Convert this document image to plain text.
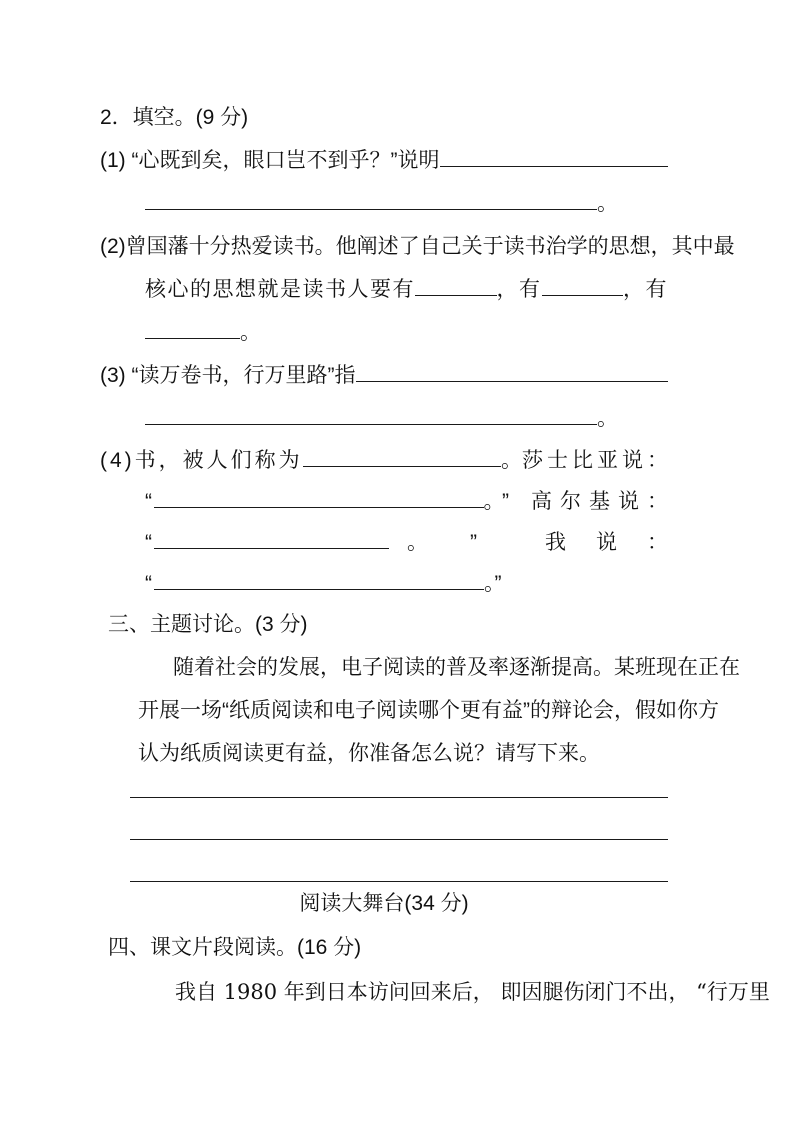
2．填空。(9 分)
(1) “心既到矣，眼口岂不到乎？”说明
。
(2)曾国藩十分热爱读书。他阐述了自己关于读书治学的思想，其中最
核心的思想就是读书人要有	，有	，有
。
(3) “读万卷书，行万里路”指
。
(4)书，被人们称为	。 莎士比亚说：
“	。” 高尔基说：
“	。 ”	我说：
“	。”
三、主题讨论。(3 分)
随着社会的发展，电子阅读的普及率逐渐提高。某班现在正在
开展一场“纸质阅读和电子阅读哪个更有益”的辩论会，假如你方
认为纸质阅读更有益，你准备怎么说？请写下来。
阅读大舞台(34 分)
四、课文片段阅读。(16 分)
我自 1980 年到日本访问回来后， 即因腿伤闭门不出， “行万里
